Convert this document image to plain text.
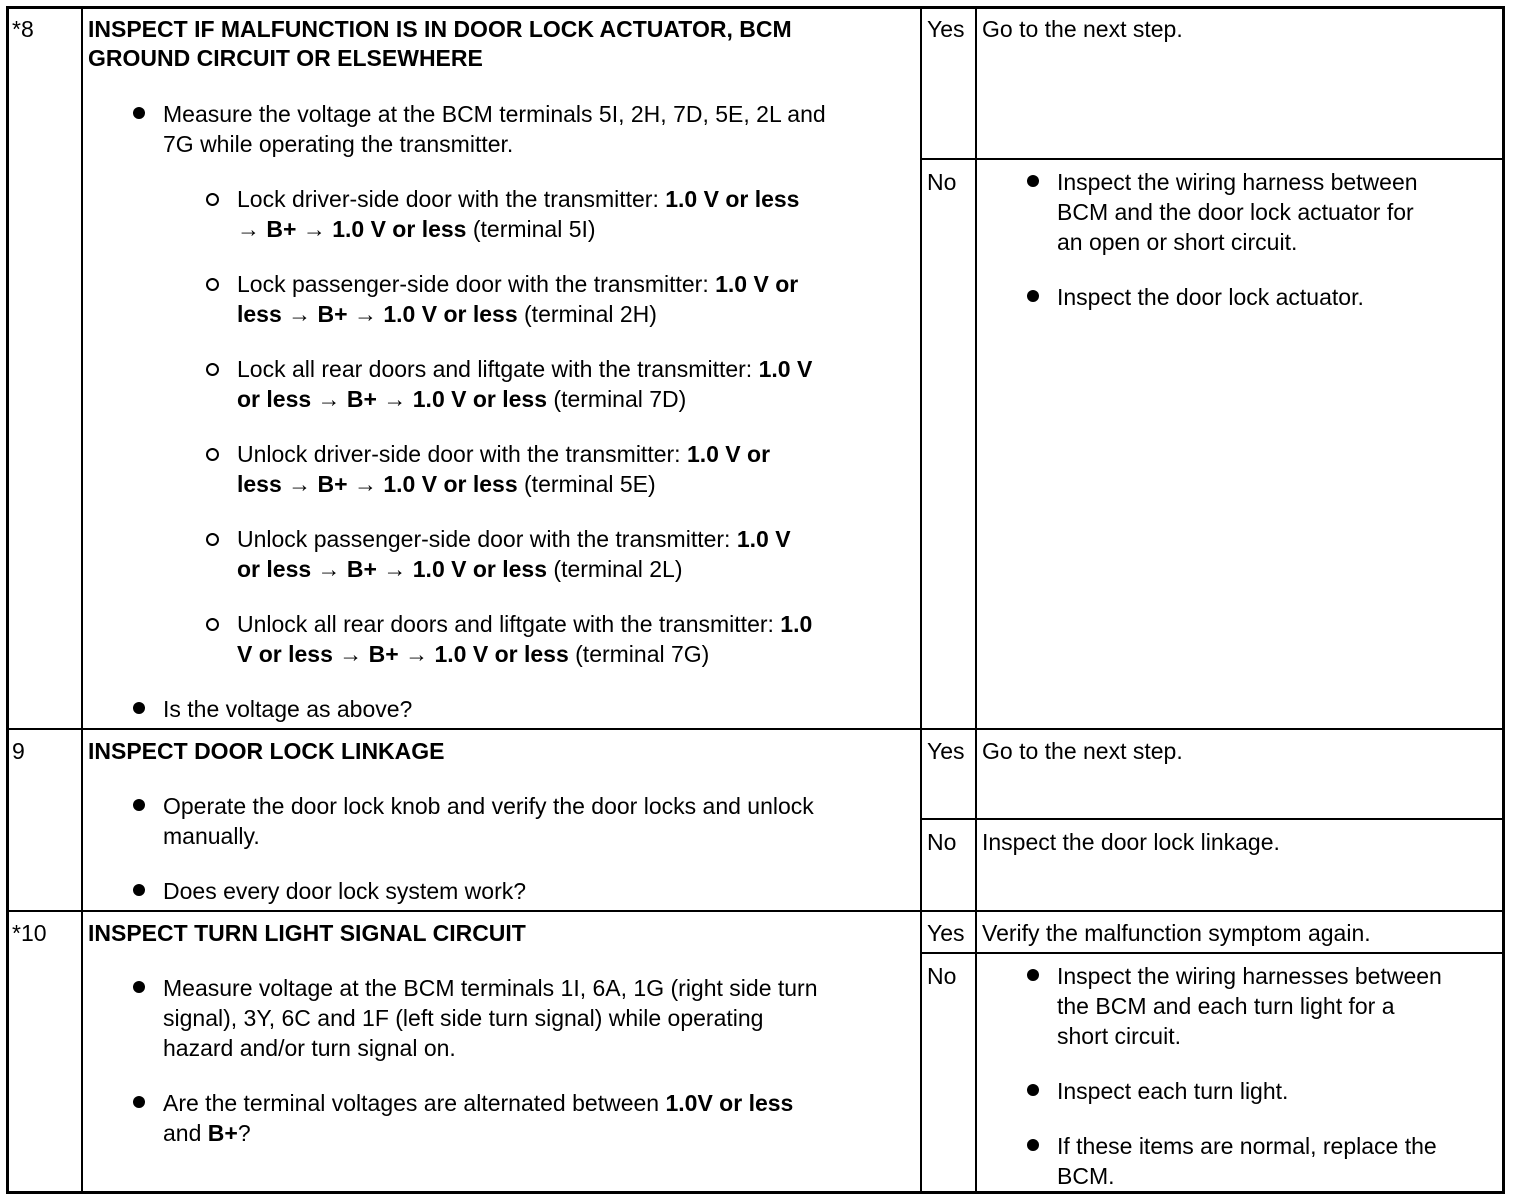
*8 INSPECT IF MALFUNCTION IS IN DOOR LOCK ACTUATOR, BCM
GROUND CIRCUIT OR ELSEWHERE
Measure the voltage at the BCM terminals 5I, 2H, 7D, 5E, 2L and
7G while operating the transmitter.
Lock driver-side door with the transmitter: 1.0 V or less
→ B+ → 1.0 V or less (terminal 5I)
Lock passenger-side door with the transmitter: 1.0 V or
less → B+ → 1.0 V or less (terminal 2H)
Lock all rear doors and liftgate with the transmitter: 1.0 V
or less → B+ → 1.0 V or less (terminal 7D)
Unlock driver-side door with the transmitter: 1.0 V or
less → B+ → 1.0 V or less (terminal 5E)
Unlock passenger-side door with the transmitter: 1.0 V
or less → B+ → 1.0 V or less (terminal 2L)
Unlock all rear doors and liftgate with the transmitter: 1.0
V or less → B+ → 1.0 V or less (terminal 7G)
Is the voltage as above?
Yes Go to the next step.
No	Inspect the wiring harness between
BCM and the door lock actuator for
an open or short circuit.
Inspect the door lock actuator.
9	INSPECT DOOR LOCK LINKAGE
Operate the door lock knob and verify the door locks and unlock
manually.
Does every door lock system work?
Yes Go to the next step.
No Inspect the door lock linkage.
*10 INSPECT TURN LIGHT SIGNAL CIRCUIT
Measure voltage at the BCM terminals 1I, 6A, 1G (right side turn
signal), 3Y, 6C and 1F (left side turn signal) while operating
hazard and/or turn signal on.
Are the terminal voltages are alternated between 1.0V or less
and B+?
Yes Verify the malfunction symptom again.
No	Inspect the wiring harnesses between
the BCM and each turn light for a
short circuit.
Inspect each turn light.
If these items are normal, replace the
BCM.
